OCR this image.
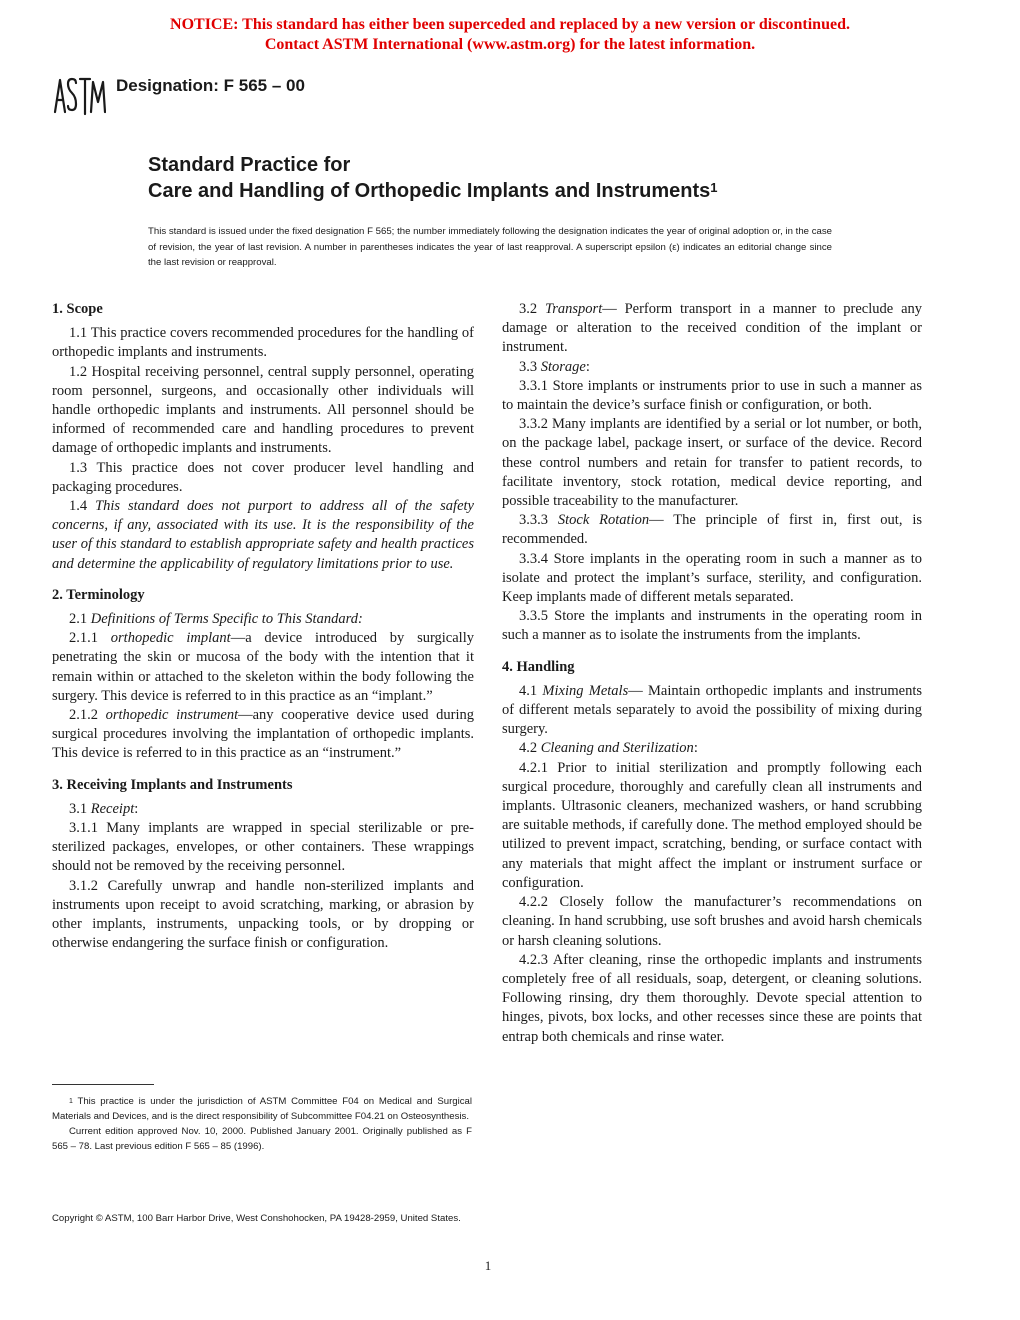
NOTICE: This standard has either been superceded and replaced by a new version or discontinued.
Contact ASTM International (www.astm.org) for the latest information.
Designation: F 565 – 00
Standard Practice for
Care and Handling of Orthopedic Implants and Instruments$^1$
This standard is issued under the fixed designation F 565; the number immediately following the designation indicates the year of original adoption or, in the case of revision, the year of last revision. A number in parentheses indicates the year of last reapproval. A superscript epsilon (ε) indicates an editorial change since the last revision or reapproval.
1. Scope

1.1 This practice covers recommended procedures for the handling of orthopedic implants and instruments.

1.2 Hospital receiving personnel, central supply personnel, operating room personnel, surgeons, and occasionally other individuals will handle orthopedic implants and instruments. All personnel should be informed of recommended care and handling procedures to prevent damage of orthopedic implants and instruments.

1.3 This practice does not cover producer level handling and packaging procedures.

1.4 This standard does not purport to address all of the safety concerns, if any, associated with its use. It is the responsibility of the user of this standard to establish appropriate safety and health practices and determine the applicability of regulatory limitations prior to use.

2. Terminology

2.1 Definitions of Terms Specific to This Standard:

2.1.1 orthopedic implant—a device introduced by surgically penetrating the skin or mucosa of the body with the intention that it remain within or attached to the skeleton within the body following the surgery. This device is referred to in this practice as an “implant.”

2.1.2 orthopedic instrument—any cooperative device used during surgical procedures involving the implantation of orthopedic implants. This device is referred to in this practice as an “instrument.”

3. Receiving Implants and Instruments

3.1 Receipt:

3.1.1 Many implants are wrapped in special sterilizable or pre-sterilized packages, envelopes, or other containers. These wrappings should not be removed by the receiving personnel.

3.1.2 Carefully unwrap and handle non-sterilized implants and instruments upon receipt to avoid scratching, marking, or abrasion by other implants, instruments, unpacking tools, or by dropping or otherwise endangering the surface finish or configuration.

3.2 Transport— Perform transport in a manner to preclude any damage or alteration to the received condition of the implant or instrument.

3.3 Storage:

3.3.1 Store implants or instruments prior to use in such a manner as to maintain the device’s surface finish or configuration, or both.

3.3.2 Many implants are identified by a serial or lot number, or both, on the package label, package insert, or surface of the device. Record these control numbers and retain for transfer to patient records, to facilitate inventory, stock rotation, medical device reporting, and possible traceability to the manufacturer.

3.3.3 Stock Rotation— The principle of first in, first out, is recommended.

3.3.4 Store implants in the operating room in such a manner as to isolate and protect the implant’s surface, sterility, and configuration. Keep implants made of different metals separated.

3.3.5 Store the implants and instruments in the operating room in such a manner as to isolate the instruments from the implants.

4. Handling

4.1 Mixing Metals— Maintain orthopedic implants and instruments of different metals separately to avoid the possibility of mixing during surgery.

4.2 Cleaning and Sterilization:

4.2.1 Prior to initial sterilization and promptly following each surgical procedure, thoroughly and carefully clean all instruments and implants. Ultrasonic cleaners, mechanized washers, or hand scrubbing are suitable methods, if carefully done. The method employed should be utilized to prevent impact, scratching, bending, or surface contact with any materials that might affect the implant or instrument surface or configuration.

4.2.2 Closely follow the manufacturer’s recommendations on cleaning. In hand scrubbing, use soft brushes and avoid harsh chemicals or harsh cleaning solutions.

4.2.3 After cleaning, rinse the orthopedic implants and instruments completely free of all residuals, soap, detergent, or cleaning solutions. Following rinsing, dry them thoroughly. Devote special attention to hinges, pivots, box locks, and other recesses since these are points that entrap both chemicals and rinse water.

$^1$ This practice is under the jurisdiction of ASTM Committee F04 on Medical and Surgical Materials and Devices, and is the direct responsibility of Subcommittee F04.21 on Osteosynthesis.

Current edition approved Nov. 10, 2000. Published January 2001. Originally published as F 565 – 78. Last previous edition F 565 – 85 (1996).

Copyright © ASTM, 100 Barr Harbor Drive, West Conshohocken, PA 19428-2959, United States.
1
